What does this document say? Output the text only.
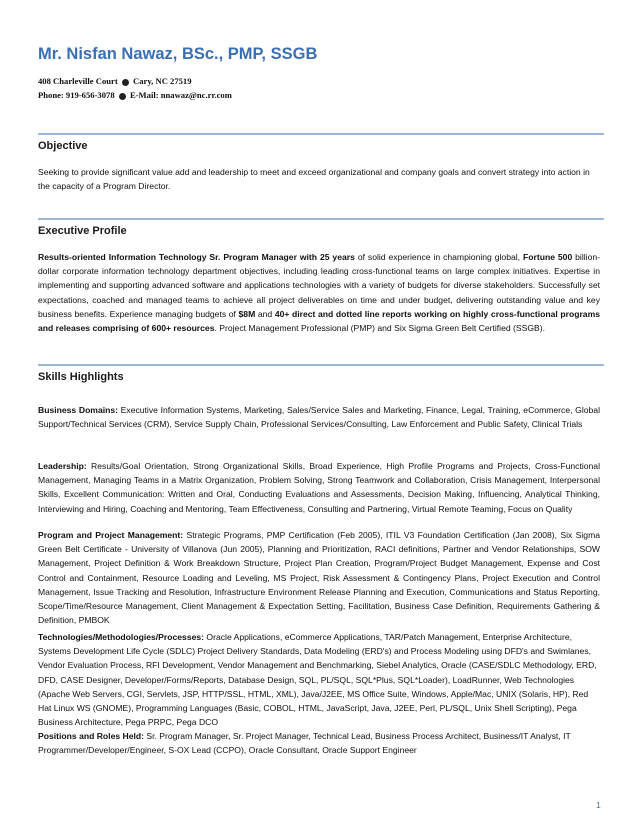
Mr. Nisfan Nawaz, BSc., PMP, SSGB
408 Charleville Court Cary, NC 27519
Phone: 919-656-3078 E-Mail: nnawaz@nc.rr.com
Objective
Seeking to provide significant value add and leadership to meet and exceed organizational and company goals and convert strategy into action in the capacity of a Program Director.
Executive Profile
Results-oriented Information Technology Sr. Program Manager with 25 years of solid experience in championing global, Fortune 500 billion-dollar corporate information technology department objectives, including leading cross-functional teams on large complex initiatives. Expertise in implementing and supporting advanced software and applications technologies with a variety of budgets for diverse stakeholders. Successfully set expectations, coached and managed teams to achieve all project deliverables on time and under budget, delivering outstanding value and key business benefits. Experience managing budgets of $8M and 40+ direct and dotted line reports working on highly cross-functional programs and releases comprising of 600+ resources. Project Management Professional (PMP) and Six Sigma Green Belt Certified (SSGB).
Skills Highlights
Business Domains: Executive Information Systems, Marketing, Sales/Service Sales and Marketing, Finance, Legal, Training, eCommerce, Global Support/Technical Services (CRM), Service Supply Chain, Professional Services/Consulting, Law Enforcement and Public Safety, Clinical Trials
Leadership: Results/Goal Orientation, Strong Organizational Skills, Broad Experience, High Profile Programs and Projects, Cross-Functional Management, Managing Teams in a Matrix Organization, Problem Solving, Strong Teamwork and Collaboration, Crisis Management, Interpersonal Skills, Excellent Communication: Written and Oral, Conducting Evaluations and Assessments, Decision Making, Influencing, Analytical Thinking, Interviewing and Hiring, Coaching and Mentoring, Team Effectiveness, Consulting and Partnering, Virtual Remote Teaming, Focus on Quality
Program and Project Management: Strategic Programs, PMP Certification (Feb 2005), ITIL V3 Foundation Certification (Jan 2008), Six Sigma Green Belt Certificate - University of Villanova (Jun 2005), Planning and Prioritization, RACI definitions, Partner and Vendor Relationships, SOW Management, Project Definition & Work Breakdown Structure, Project Plan Creation, Program/Project Budget Management, Expense and Cost Control and Containment, Resource Loading and Leveling, MS Project, Risk Assessment & Contingency Plans, Project Execution and Control Management, Issue Tracking and Resolution, Infrastructure Environment Release Planning and Execution, Communications and Status Reporting, Scope/Time/Resource Management, Client Management & Expectation Setting, Facilitation, Business Case Definition, Requirements Gathering & Definition, PMBOK
Technologies/Methodologies/Processes: Oracle Applications, eCommerce Applications, TAR/Patch Management, Enterprise Architecture, Systems Development Life Cycle (SDLC) Project Delivery Standards, Data Modeling (ERD's) and Process Modeling using DFD's and Swimlanes, Vendor Evaluation Process, RFI Development, Vendor Management and Benchmarking, Siebel Analytics, Oracle (CASE/SDLC Methodology, ERD, DFD, CASE Designer, Developer/Forms/Reports, Database Design, SQL, PL/SQL, SQL*Plus, SQL*Loader), LoadRunner, Web Technologies (Apache Web Servers, CGI, Servlets, JSP, HTTP/SSL, HTML, XML), Java/J2EE, MS Office Suite, Windows, Apple/Mac, UNIX (Solaris, HP), Red Hat Linux WS (GNOME), Programming Languages (Basic, COBOL, HTML, JavaScript, Java, J2EE, Perl, PL/SQL, Unix Shell Scripting), Pega Business Architecture, Pega PRPC, Pega DCO
Positions and Roles Held: Sr. Program Manager, Sr. Project Manager, Technical Lead, Business Process Architect, Business/IT Analyst, IT Programmer/Developer/Engineer, S-OX Lead (CCPO), Oracle Consultant, Oracle Support Engineer
1
